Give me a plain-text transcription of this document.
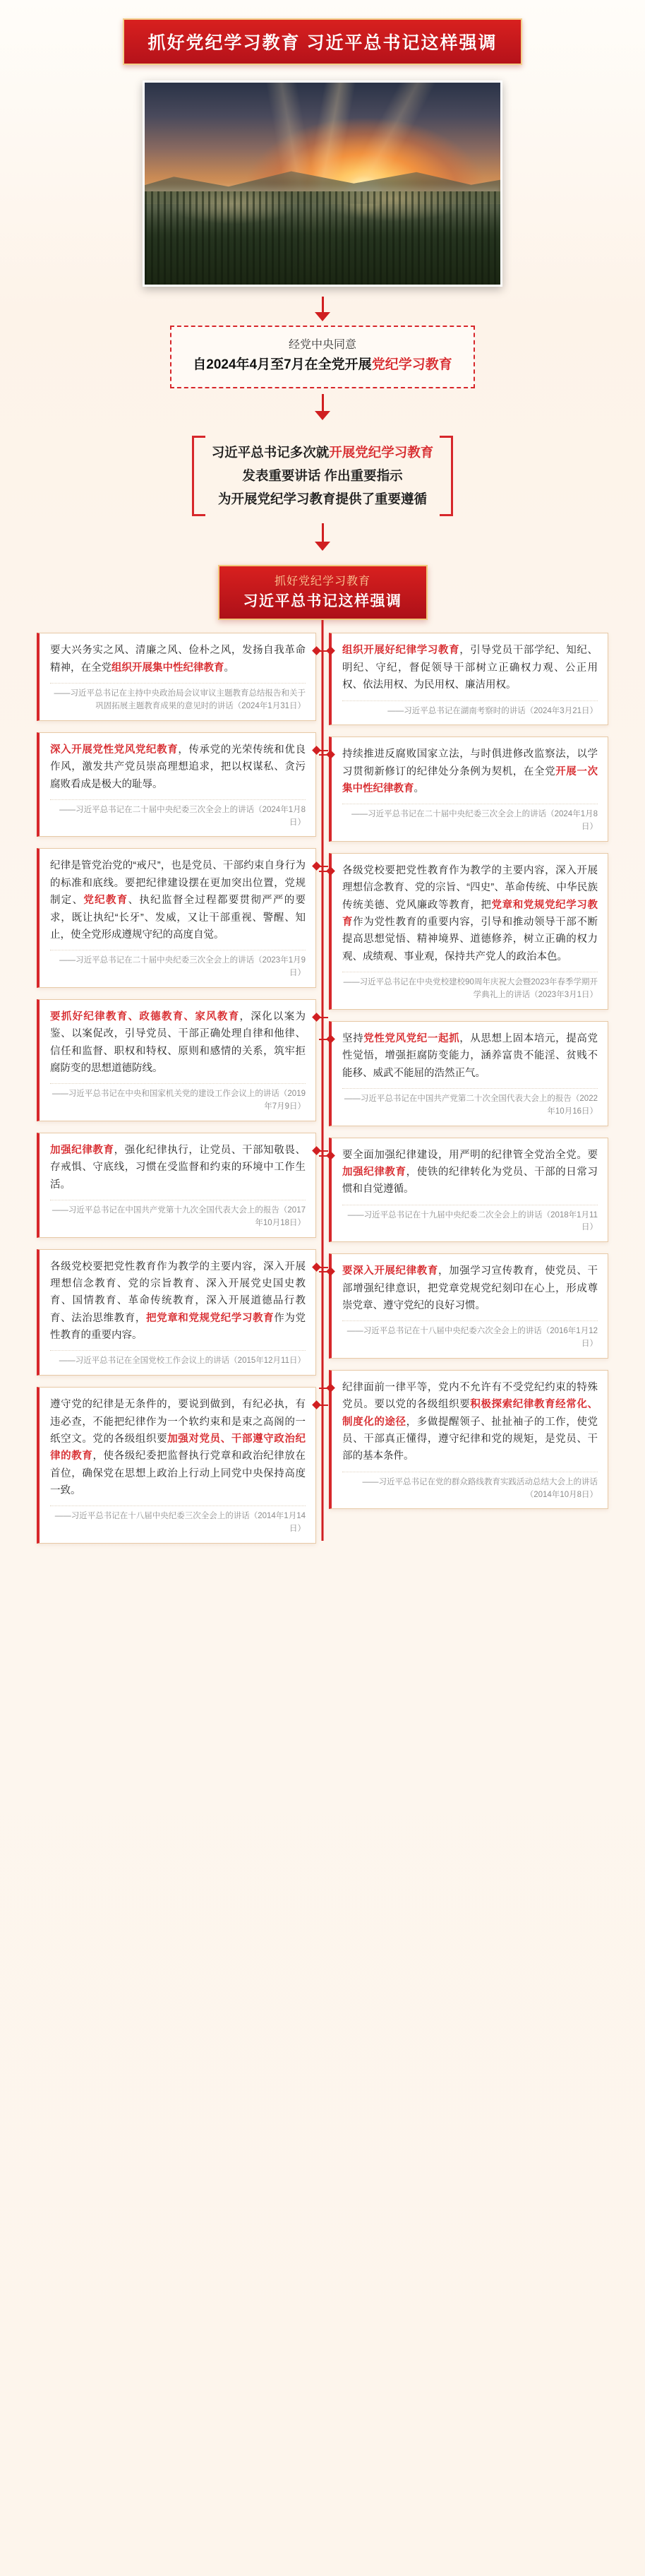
抓好党纪学习教育 习近平总书记这样强调
经党中央同意
自2024年4月至7月在全党开展党纪学习教育
习近平总书记多次就开展党纪学习教育
发表重要讲话 作出重要指示
为开展党纪学习教育提供了重要遵循
抓好党纪学习教育
习近平总书记这样强调
要大兴务实之风、清廉之风、俭朴之风，发扬自我革命精神，在全党组织开展集中性纪律教育。
——习近平总书记在主持中央政治局会议审议主题教育总结报告和关于巩固拓展主题教育成果的意见时的讲话（2024年1月31日）
深入开展党性党风党纪教育，传承党的光荣传统和优良作风，激发共产党员崇高理想追求，把以权谋私、贪污腐败看成是极大的耻辱。
——习近平总书记在二十届中央纪委三次全会上的讲话（2024年1月8日）
纪律是管党治党的“戒尺”，也是党员、干部约束自身行为的标准和底线。要把纪律建设摆在更加突出位置，党规制定、党纪教育、执纪监督全过程都要贯彻严严的要求，既让执纪“长牙”、发威，又让干部重视、警醒、知止，使全党形成遵规守纪的高度自觉。
——习近平总书记在二十届中央纪委三次全会上的讲话（2023年1月9日）
要抓好纪律教育、政德教育、家风教育，深化以案为鉴、以案促改，引导党员、干部正确处理自律和他律、信任和监督、职权和特权、原则和感情的关系，筑牢拒腐防变的思想道德防线。
——习近平总书记在中央和国家机关党的建设工作会议上的讲话（2019年7月9日）
加强纪律教育，强化纪律执行，让党员、干部知敬畏、存戒惧、守底线，习惯在受监督和约束的环境中工作生活。
——习近平总书记在中国共产党第十九次全国代表大会上的报告（2017年10月18日）
各级党校要把党性教育作为教学的主要内容，深入开展理想信念教育、党的宗旨教育、深入开展党史国史教育、国情教育、革命传统教育，深入开展道德品行教育、法治思维教育，把党章和党规党纪学习教育作为党性教育的重要内容。
——习近平总书记在全国党校工作会议上的讲话（2015年12月11日）
遵守党的纪律是无条件的，要说到做到，有纪必执，有违必查，不能把纪律作为一个软约束和是束之高阁的一纸空文。党的各级组织要加强对党员、干部遵守政治纪律的教育，使各级纪委把监督执行党章和政治纪律放在首位，确保党在思想上政治上行动上同党中央保持高度一致。
——习近平总书记在十八届中央纪委三次全会上的讲话（2014年1月14日）
组织开展好纪律学习教育，引导党员干部学纪、知纪、明纪、守纪，督促领导干部树立正确权力观、公正用权、依法用权、为民用权、廉洁用权。
——习近平总书记在湖南考察时的讲话（2024年3月21日）
持续推进反腐败国家立法，与时俱进修改监察法，以学习贯彻新修订的纪律处分条例为契机，在全党开展一次集中性纪律教育。
——习近平总书记在二十届中央纪委三次全会上的讲话（2024年1月8日）
各级党校要把党性教育作为教学的主要内容，深入开展理想信念教育、党的宗旨、“四史”、革命传统、中华民族传统美德、党风廉政等教育，把党章和党规党纪学习教育作为党性教育的重要内容，引导和推动领导干部不断提高思想觉悟、精神境界、道德修养，树立正确的权力观、成绩观、事业观，保持共产党人的政治本色。
——习近平总书记在中央党校建校90周年庆祝大会暨2023年春季学期开学典礼上的讲话（2023年3月1日）
坚持党性党风党纪一起抓，从思想上固本培元，提高党性觉悟，增强拒腐防变能力，涵养富贵不能淫、贫贱不能移、威武不能屈的浩然正气。
——习近平总书记在中国共产党第二十次全国代表大会上的报告（2022年10月16日）
要全面加强纪律建设，用严明的纪律管全党治全党。要加强纪律教育，使铁的纪律转化为党员、干部的日常习惯和自觉遵循。
——习近平总书记在十九届中央纪委二次全会上的讲话（2018年1月11日）
要深入开展纪律教育，加强学习宣传教育，使党员、干部增强纪律意识，把党章党规党纪刻印在心上，形成尊崇党章、遵守党纪的良好习惯。
——习近平总书记在十八届中央纪委六次全会上的讲话（2016年1月12日）
纪律面前一律平等，党内不允许有不受党纪约束的特殊党员。要以党的各级组织要积极探索纪律教育经常化、制度化的途径，多做提醒领子、扯扯袖子的工作，使党员、干部真正懂得，遵守纪律和党的规矩，是党员、干部的基本条件。
——习近平总书记在党的群众路线教育实践活动总结大会上的讲话（2014年10月8日）
